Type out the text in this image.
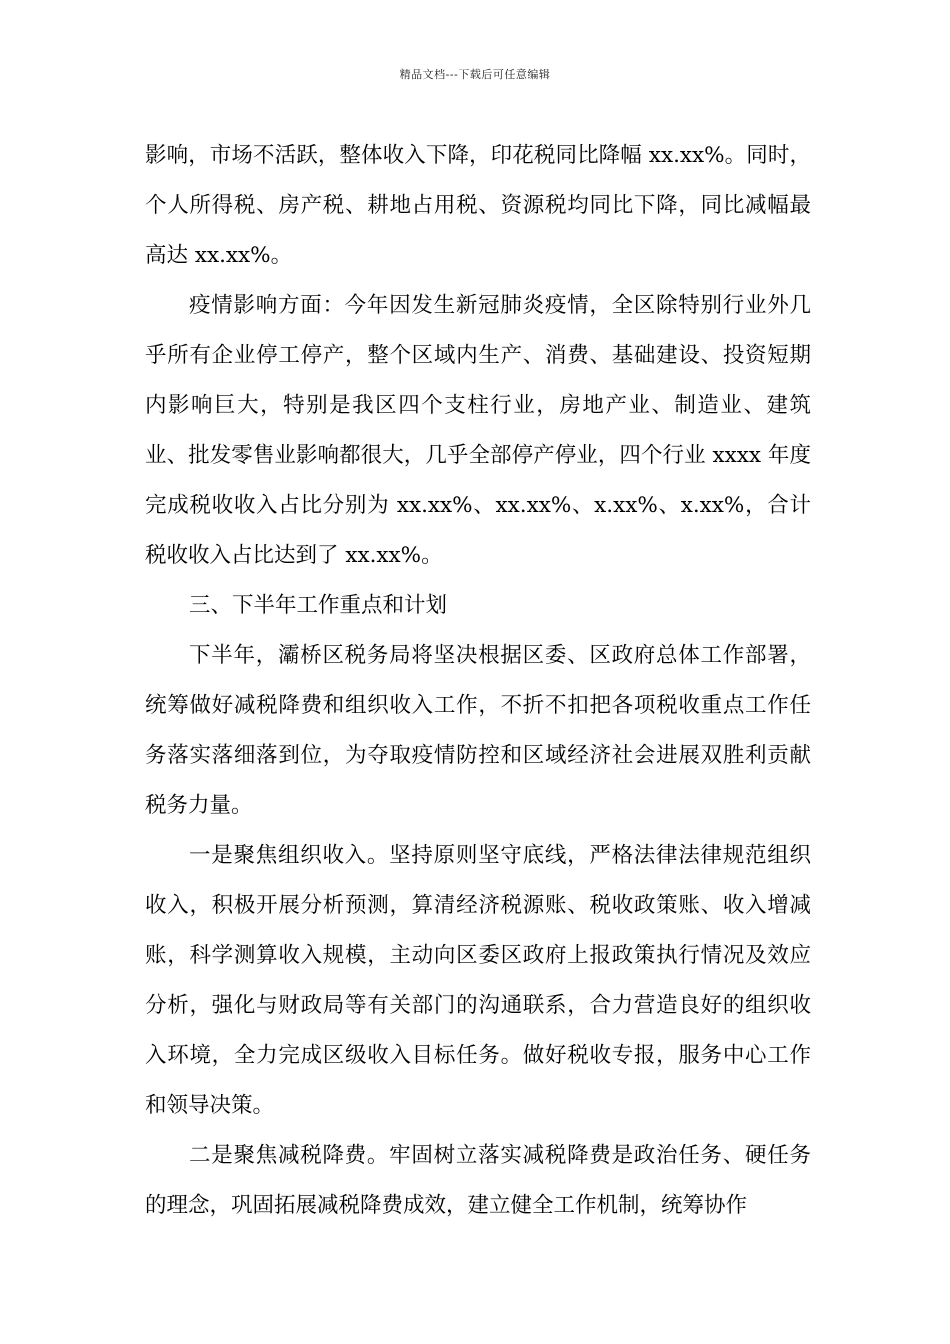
精品文档---下载后可任意编辑

影响，市场不活跃，整体收入下降，印花税同比降幅 xx.xx%。同时，个人所得税、房产税、耕地占用税、资源税均同比下降，同比减幅最高达 xx.xx%。

疫情影响方面：今年因发生新冠肺炎疫情，全区除特别行业外几乎所有企业停工停产，整个区域内生产、消费、基础建设、投资短期内影响巨大，特别是我区四个支柱行业，房地产业、制造业、建筑业、批发零售业影响都很大，几乎全部停产停业，四个行业 xxxx 年度完成税收收入占比分别为 xx.xx%、xx.xx%、x.xx%、x.xx%，合计税收收入占比达到了 xx.xx%。

三、下半年工作重点和计划

下半年，灞桥区税务局将坚决根据区委、区政府总体工作部署，统筹做好减税降费和组织收入工作，不折不扣把各项税收重点工作任务落实落细落到位，为夺取疫情防控和区域经济社会进展双胜利贡献税务力量。

一是聚焦组织收入。坚持原则坚守底线，严格法律法律规范组织收入，积极开展分析预测，算清经济税源账、税收政策账、收入增减账，科学测算收入规模，主动向区委区政府上报政策执行情况及效应分析，强化与财政局等有关部门的沟通联系，合力营造良好的组织收入环境，全力完成区级收入目标任务。做好税收专报，服务中心工作和领导决策。

二是聚焦减税降费。牢固树立落实减税降费是政治任务、硬任务的理念，巩固拓展减税降费成效，建立健全工作机制，统筹协作
